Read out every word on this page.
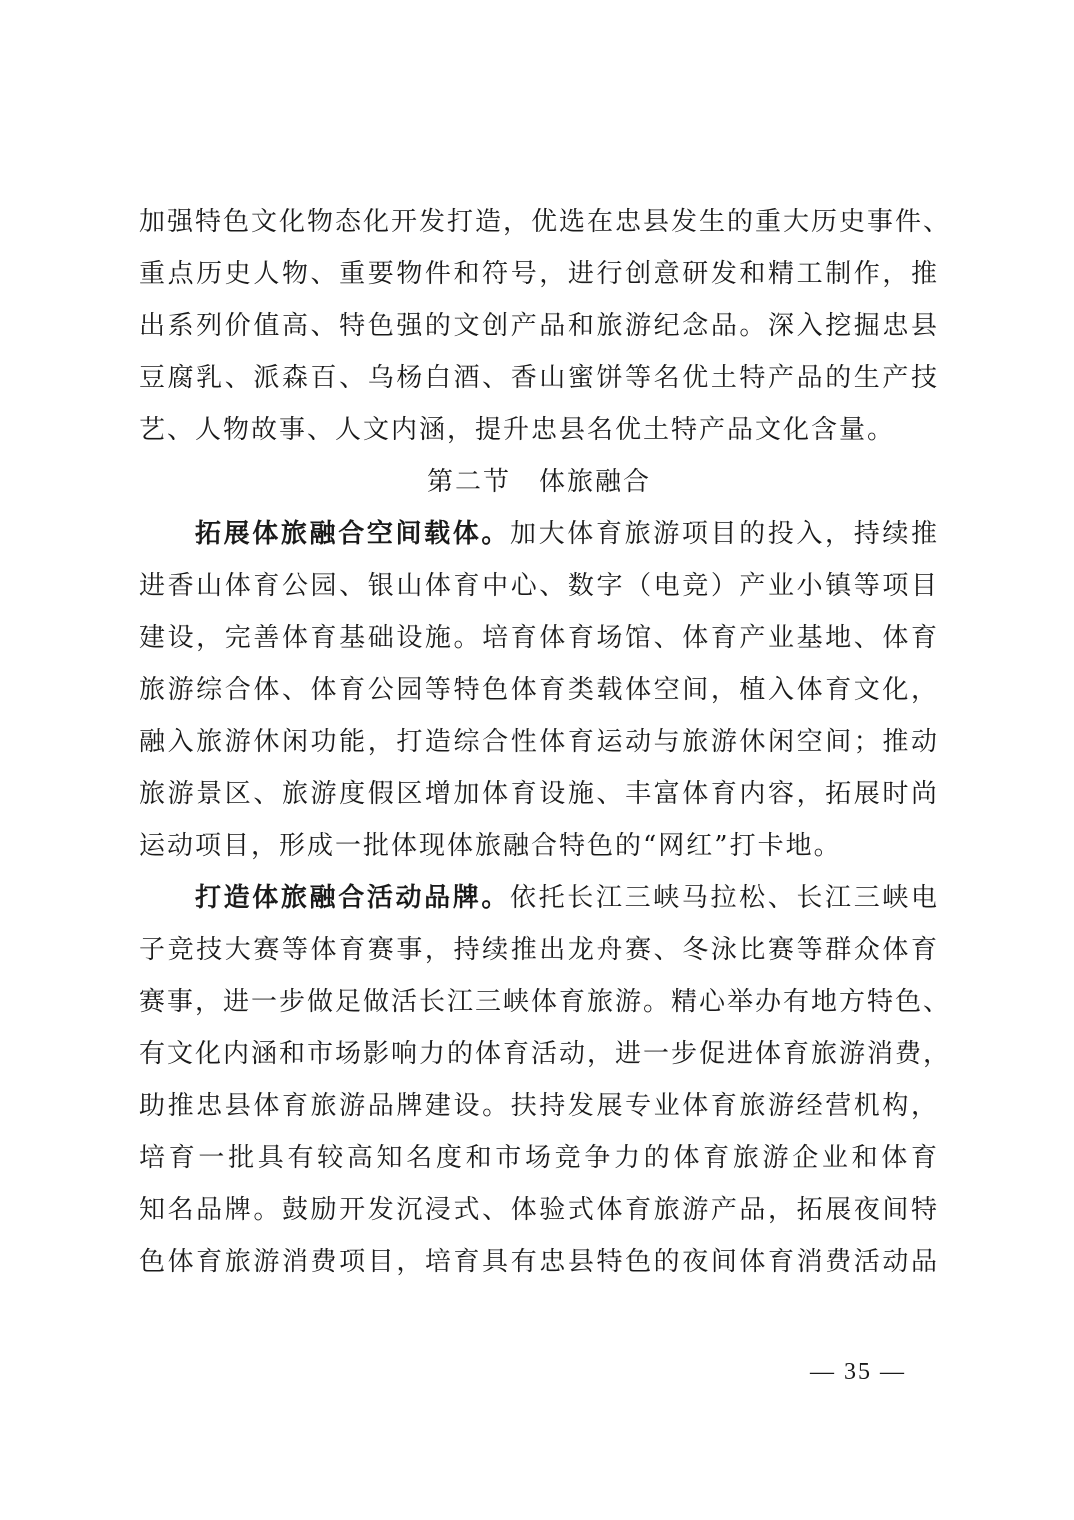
加强特色文化物态化开发打造，优选在忠县发生的重大历史事件、
重点历史人物、重要物件和符号，进行创意研发和精工制作，推
出系列价值高、特色强的文创产品和旅游纪念品。深入挖掘忠县
豆腐乳、派森百、乌杨白酒、香山蜜饼等名优土特产品的生产技
艺、人物故事、人文内涵，提升忠县名优土特产品文化含量。
第二节　体旅融合
拓展体旅融合空间载体。加大体育旅游项目的投入，持续推
进香山体育公园、银山体育中心、数字（电竞）产业小镇等项目
建设，完善体育基础设施。培育体育场馆、体育产业基地、体育
旅游综合体、体育公园等特色体育类载体空间，植入体育文化，
融入旅游休闲功能，打造综合性体育运动与旅游休闲空间；推动
旅游景区、旅游度假区增加体育设施、丰富体育内容，拓展时尚
运动项目，形成一批体现体旅融合特色的“网红”打卡地。
打造体旅融合活动品牌。依托长江三峡马拉松、长江三峡电
子竞技大赛等体育赛事，持续推出龙舟赛、冬泳比赛等群众体育
赛事，进一步做足做活长江三峡体育旅游。精心举办有地方特色、
有文化内涵和市场影响力的体育活动，进一步促进体育旅游消费，
助推忠县体育旅游品牌建设。扶持发展专业体育旅游经营机构，
培育一批具有较高知名度和市场竞争力的体育旅游企业和体育
知名品牌。鼓励开发沉浸式、体验式体育旅游产品，拓展夜间特
色体育旅游消费项目，培育具有忠县特色的夜间体育消费活动品
— 35 —
